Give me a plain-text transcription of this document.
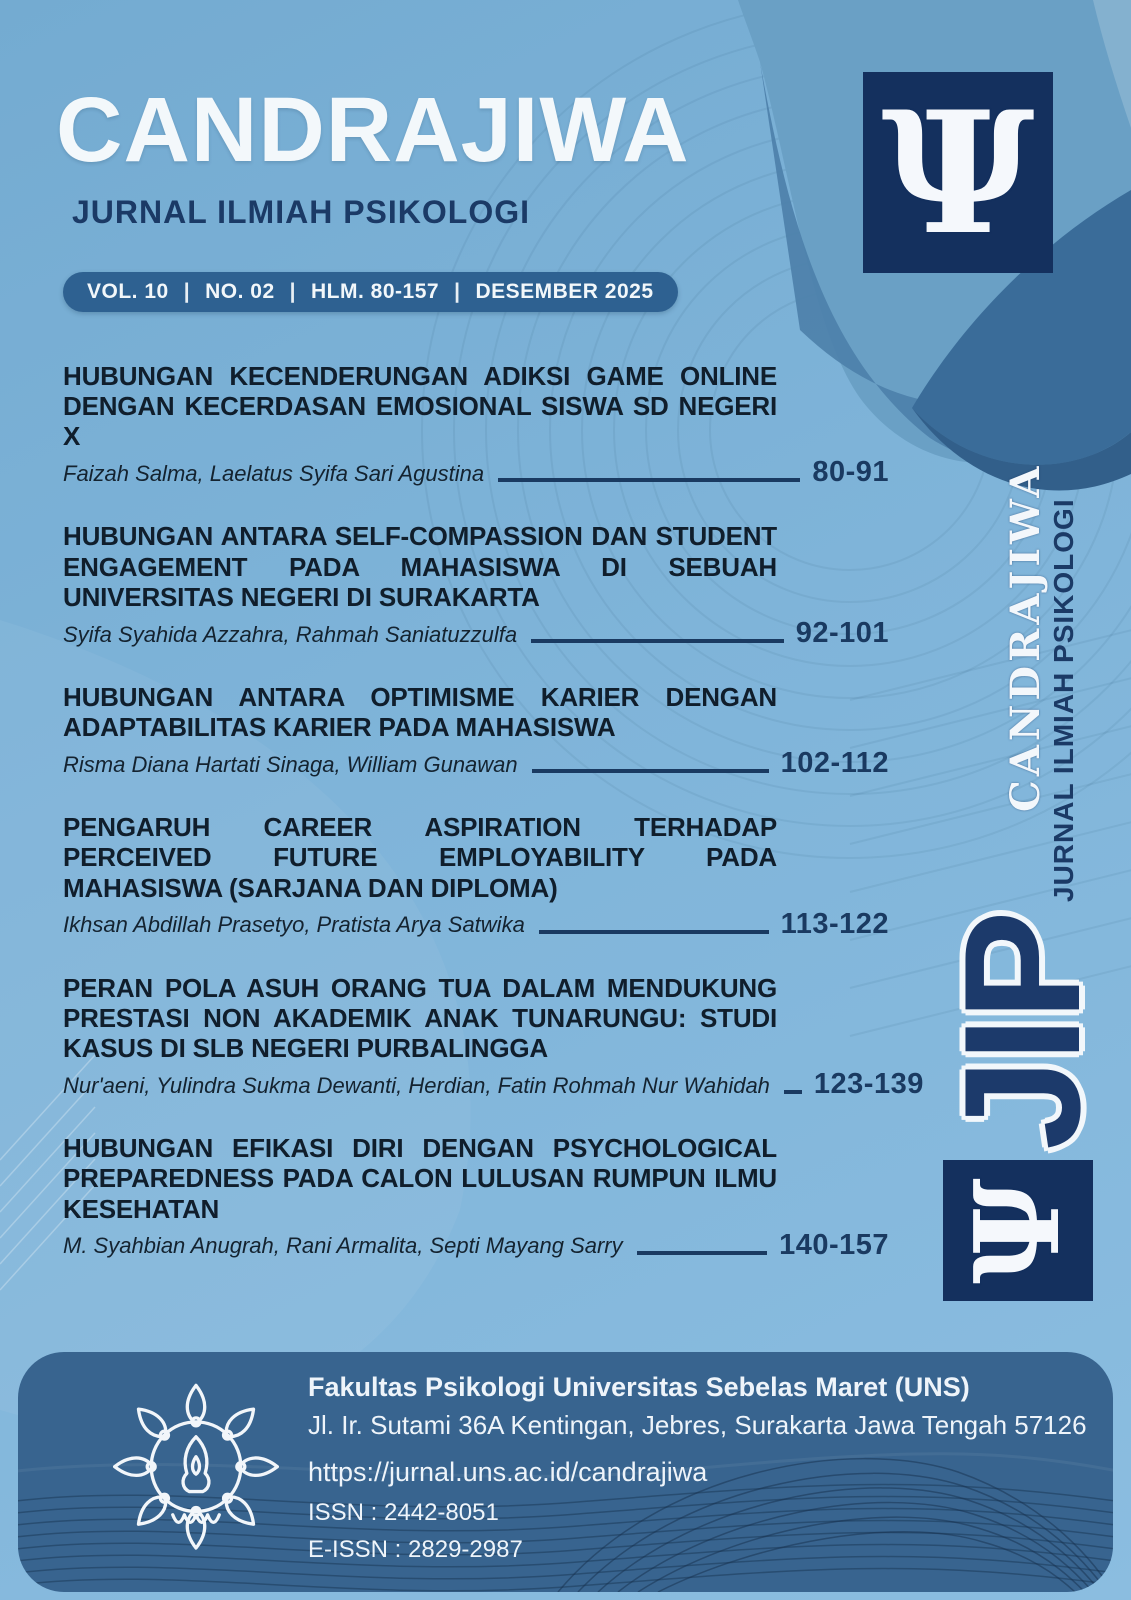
CANDRAJIWA
JURNAL ILMIAH PSIKOLOGI
VOL. 10 | NO. 02 | HLM. 80-157 | DESEMBER 2025
Ψ
HUBUNGAN KECENDERUNGAN ADIKSI GAME ONLINE DENGAN KECERDASAN EMOSIONAL SISWA SD NEGERI X
Faizah Salma, Laelatus Syifa Sari Agustina	80-91
HUBUNGAN ANTARA SELF-COMPASSION DAN STUDENT ENGAGEMENT PADA MAHASISWA DI SEBUAH UNIVERSITAS NEGERI DI SURAKARTA
Syifa Syahida Azzahra, Rahmah Saniatuzzulfa	92-101
HUBUNGAN ANTARA OPTIMISME KARIER DENGAN ADAPTABILITAS KARIER PADA MAHASISWA
Risma Diana Hartati Sinaga, William Gunawan	102-112
PENGARUH CAREER ASPIRATION TERHADAP PERCEIVED FUTURE EMPLOYABILITY PADA MAHASISWA (SARJANA DAN DIPLOMA)
Ikhsan Abdillah Prasetyo, Pratista Arya Satwika	113-122
PERAN POLA ASUH ORANG TUA DALAM MENDUKUNG PRESTASI NON AKADEMIK ANAK TUNARUNGU: STUDI KASUS DI SLB NEGERI PURBALINGGA
Nur'aeni, Yulindra Sukma Dewanti, Herdian, Fatin Rohmah Nur Wahidah 123-139
HUBUNGAN EFIKASI DIRI DENGAN PSYCHOLOGICAL PREPAREDNESS PADA CALON LULUSAN RUMPUN ILMU KESEHATAN
M. Syahbian Anugrah, Rani Armalita, Septi Mayang Sarry	140-157
CANDRAJIWA JURNAL ILMIAH PSIKOLOGI
JIP
Ψ
Fakultas Psikologi Universitas Sebelas Maret (UNS)
Jl. Ir. Sutami 36A Kentingan, Jebres, Surakarta Jawa Tengah 57126
https://jurnal.uns.ac.id/candrajiwa
ISSN : 2442-8051
E-ISSN : 2829-2987
